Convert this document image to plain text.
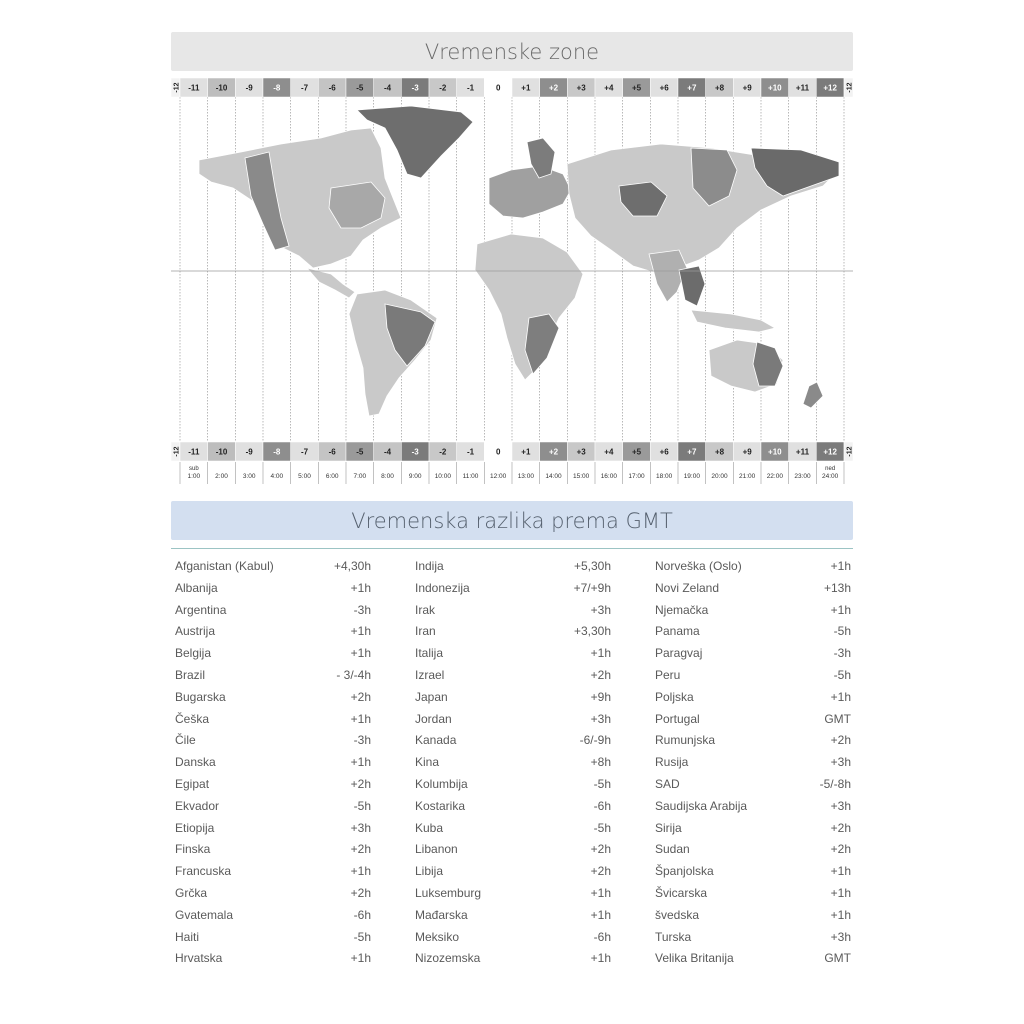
Vremenske zone
-12 -11 -10 -9	-8	-7	-6	-5	-4	-3	-2	-1	0	+1 +2 +3 +4 +5 +6 +7 +8 +9 +10 +11 +12 -12
-12 -11 -10 -9	-8	-7	-6	-5	-4	-3	-2	-1	0	+1 +2 +3 +4 +5 +6 +7 +8 +9 +10 +11 +12 -12
sub
1:00 2:00 3:00 4:00 5:00 6:00 7:00 8:00 9:00 10:00 11:00 12:00 13:00 14:00 15:00 16:00 17:00 18:00 19:00 20:00 21:00 22:00 23:00
ned
24:00
Vremenska razlika prema GMT
Afganistan (Kabul)	+4,30h
Albanija	+1h
Argentina	-3h
Austrija	+1h
Belgija	+1h
Brazil	- 3/-4h
Bugarska	+2h
Češka	+1h
Čile	-3h
Danska	+1h
Egipat	+2h
Ekvador	-5h
Etiopija	+3h
Finska	+2h
Francuska	+1h
Grčka	+2h
Gvatemala	-6h
Haiti	-5h
Hrvatska	+1h
Indija	+5,30h
Indonezija	+7/+9h
Irak	+3h
Iran	+3,30h
Italija	+1h
Izrael	+2h
Japan	+9h
Jordan	+3h
Kanada	-6/-9h
Kina	+8h
Kolumbija	-5h
Kostarika	-6h
Kuba	-5h
Libanon	+2h
Libija	+2h
Luksemburg	+1h
Mađarska	+1h
Meksiko	-6h
Nizozemska	+1h
Norveška (Oslo)	+1h
Novi Zeland	+13h
Njemačka	+1h
Panama	-5h
Paragvaj	-3h
Peru	-5h
Poljska	+1h
Portugal	GMT
Rumunjska	+2h
Rusija	+3h
SAD	-5/-8h
Saudijska Arabija	+3h
Sirija	+2h
Sudan	+2h
Španjolska	+1h
Švicarska	+1h
švedska	+1h
Turska	+3h
Velika Britanija	GMT
